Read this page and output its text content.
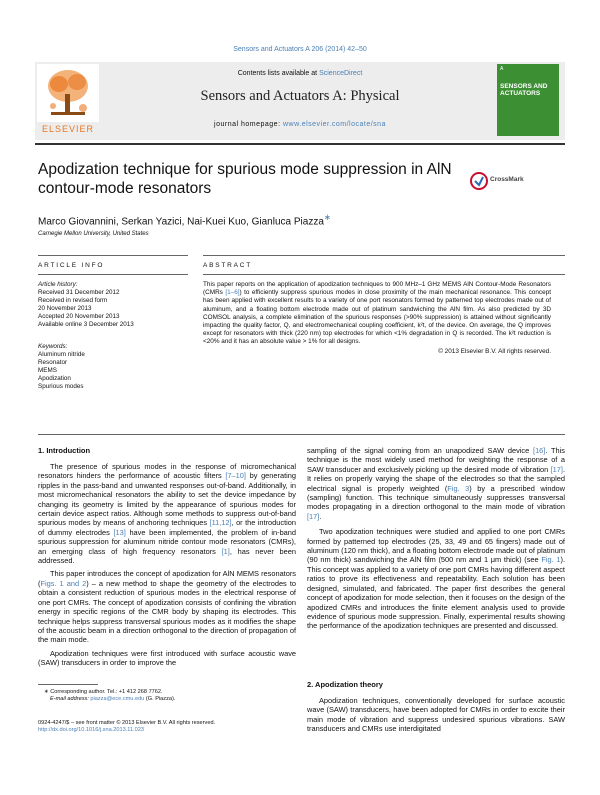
Sensors and Actuators A 206 (2014) 42–50
ELSEVIER
Contents lists available at ScienceDirect
Sensors and Actuators A: Physical
journal homepage: www.elsevier.com/locate/sna
A
SENSORS AND ACTUATORS
Apodization technique for spurious mode suppression in AlN contour-mode resonators
CrossMark
Marco Giovannini, Serkan Yazici, Nai-Kuei Kuo, Gianluca Piazza∗
Carnegie Mellon University, United States
ARTICLE INFO	ABSTRACT
Article history:
Received 31 December 2012
Received in revised form
20 November 2013
Accepted 20 November 2013
Available online 3 December 2013
Keywords:
Aluminum nitride
Resonator
MEMS
Apodization
Spurious modes
This paper reports on the application of apodization techniques to 900 MHz–1 GHz MEMS AlN Contour-Mode Resonators (CMRs [1–6]) to efficiently suppress spurious modes in close proximity of the main mechanical resonance. This concept has been applied with excellent results to a variety of one port resonators formed by patterned top electrodes made out of aluminum, and a floating bottom electrode made out of platinum sandwiching the AlN film. As also predicted by 3D COMSOL analysis, a complete elimination of the spurious responses (>90% suppression) is attained without significantly impacting the quality factor, Q, and electromechanical coupling coefficient, k²t, of the device. On average, the Q improves except for resonators with thick (220 nm) top electrodes for which <1% degradation in Q is recorded. The k²t reduction is <20% and it has an absolute value > 1% for all designs.
© 2013 Elsevier B.V. All rights reserved.
1. Introduction

The presence of spurious modes in the response of micromechanical resonators hinders the performance of acoustic filters [7–10] by generating ripples in the pass-band and unwanted responses out-of-band. Additionally, in most micromechanical resonators the ability to set the device impedance by changing its geometry is limited by the appearance of spurious modes for certain device aspect ratios. Although some methods to suppress out-of-band spurious modes by means of anchoring techniques [11,12], or the introduction of dummy electrodes [13] have been implemented, the problem of in-band spurious suppression for aluminum nitride contour mode resonators (CMRs), an emerging class of high frequency resonators [1], has never been addressed.

This paper introduces the concept of apodization for AlN MEMS resonators (Figs. 1 and 2) – a new method to shape the geometry of the electrodes to obtain a consistent reduction of spurious modes in the electrical response of one port CMRs. The concept of apodization consists of confining the vibration energy in specific regions of the CMR body by shaping its electrodes. This technique helps suppress transversal spurious modes as it modifies the shape of the acoustic beam in a direction orthogonal to the direction of propagation of the main mode.

Apodization techniques were first introduced with surface acoustic wave (SAW) transducers in order to improve the

sampling of the signal coming from an unapodized SAW device [16]. This technique is the most widely used method for weighting the response of a SAW transducer and exclusively picking up the desired mode of vibration [17]. It relies on properly varying the shape of the electrodes so that the sampled electrical signal is properly weighted (Fig. 3) by a prescribed window (sampling) function. This technique simultaneously suppresses transversal modes propagating in a direction orthogonal to the main mode of vibration [17].

Two apodization techniques were studied and applied to one port CMRs formed by patterned top electrodes (25, 33, 49 and 65 fingers) made out of aluminum (120 nm thick), and a floating bottom electrode made out of platinum (90 nm thick) sandwiching the AlN film (500 nm and 1 μm thick) (see Fig. 1). This concept was applied to a variety of one port CMRs having different aspect ratios to prove its effectiveness and repeatability. Each solution has been designed, simulated, and fabricated. The paper first describes the general concept of apodization for mode selection, then it focuses on the design of the apodized CMRs and introduces the finite element analysis used to provide evidence of spurious mode suppression. Finally, experimental results showing the performance of the apodization techniques are presented and discussed.

2. Apodization theory

Apodization techniques, conventionally developed for surface acoustic wave (SAW) transducers, have been adopted for CMRs in order to excite their main mode of vibration and suppress undesired spurious vibrations. SAW transducers and CMRs use interdigitated

∗ Corresponding author. Tel.: +1 412 268 7762.
E-mail address: piazza@ece.cmu.edu (G. Piazza).
0924-4247/$ – see front matter © 2013 Elsevier B.V. All rights reserved.
http://dx.doi.org/10.1016/j.sna.2013.11.023
